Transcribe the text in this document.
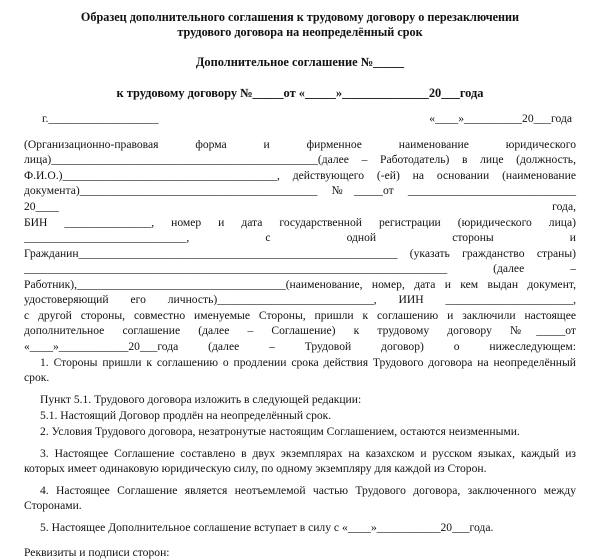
Образец дополнительного соглашения к трудовому договору о перезаключении
трудового договора на неопределённый срок
Дополнительное соглашение №_____
к трудовому договору №_____от «_____»______________20___года
г.___________________	«____»__________20___года

(Организационно-правовая форма и фирменное наименование юридического лица)______________________________________________(далее – Работодатель) в лице (должность, Ф.И.О.)_____________________________________, действующего (-ей) на основании (наименование документа)_________________________________________ №_____от _____________________________ 20____ года,

БИН _______________, номер и дата государственной регистрации (юридического лица) ____________________________, с одной стороны и

Гражданин_______________________________________________________ (указать гражданство страны) _________________________________________________________________________ (далее – Работник),____________________________________(наименование, номер, дата и кем выдан документ, удостоверяющий его личность)___________________________, ИИН ______________________,

с другой стороны, совместно именуемые Стороны, пришли к соглашению и заключили настоящее дополнительное соглашение (далее – Соглашение) к трудовому договору №_____от «____»____________20___года (далее – Трудовой договор) о нижеследующем:

1. Стороны пришли к соглашению о продлении срока действия Трудового договора на неопределённый срок.

Пункт 5.1. Трудового договора изложить в следующей редакции:

5.1. Настоящий Договор продлён на неопределённый срок.

2. Условия Трудового договора, незатронутые настоящим Соглашением, остаются неизменными.

3. Настоящее Соглашение составлено в двух экземплярах на казахском и русском языках, каждый из которых имеет одинаковую юридическую силу, по одному экземпляру для каждой из Сторон.

4. Настоящее Соглашение является неотъемлемой частью Трудового договора, заключенного между Сторонами.

5. Настоящее Дополнительное соглашение вступает в силу с «____»___________20___года.

Реквизиты и подписи сторон:
